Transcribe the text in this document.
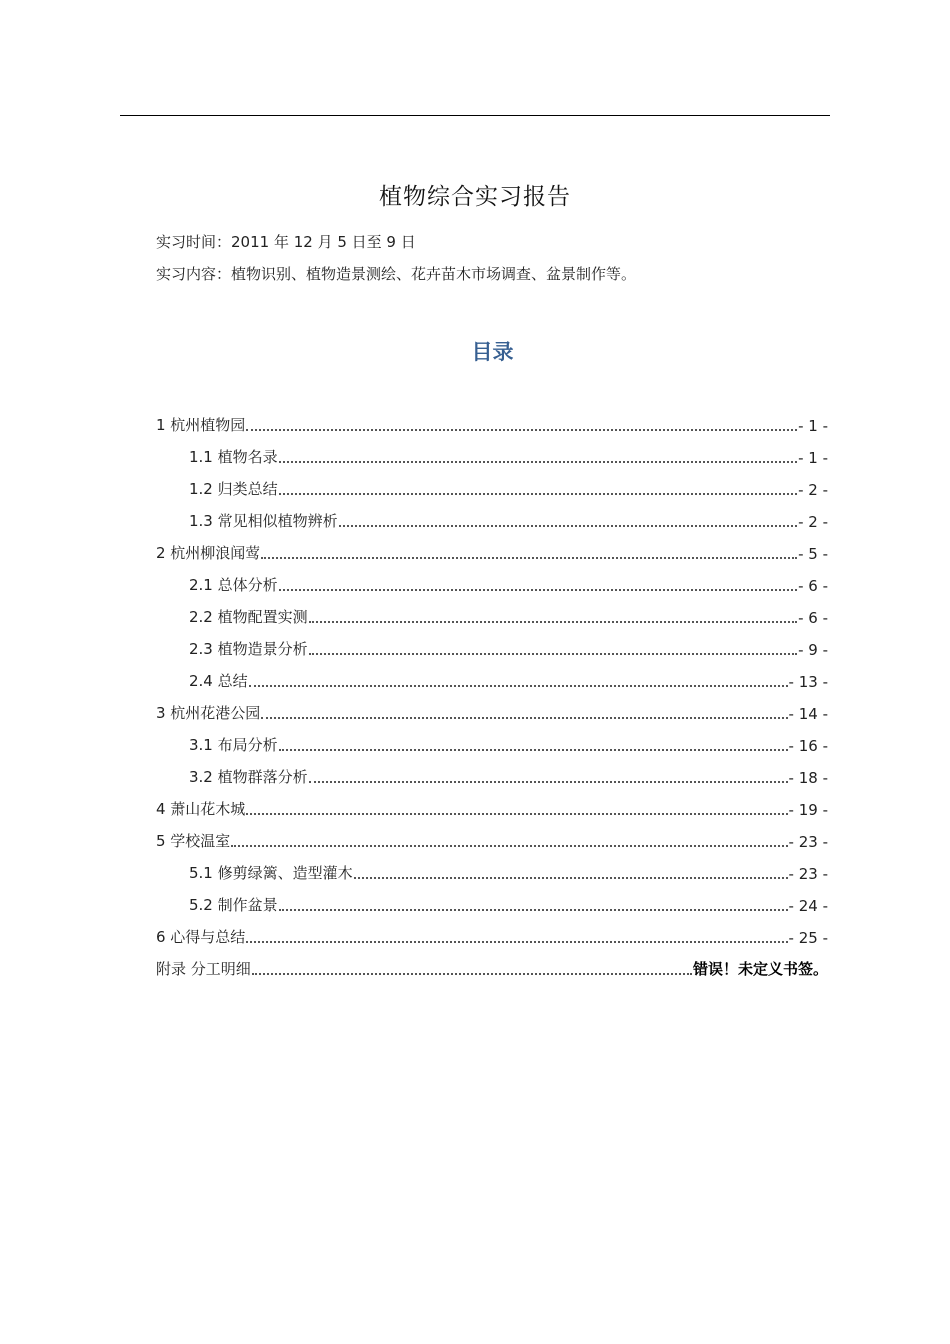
植物综合实习报告
实习时间：2011 年 12 月 5 日至 9 日
实习内容：植物识别、植物造景测绘、花卉苗木市场调查、盆景制作等。
目录
1 杭州植物园	- 1 -
1.1 植物名录	- 1 -
1.2 归类总结	- 2 -
1.3 常见相似植物辨析	- 2 -
2 杭州柳浪闻莺	- 5 -
2.1 总体分析	- 6 -
2.2 植物配置实测	- 6 -
2.3 植物造景分析	- 9 -
2.4 总结	- 13 -
3 杭州花港公园	- 14 -
3.1 布局分析	- 16 -
3.2 植物群落分析	- 18 -
4 萧山花木城	- 19 -
5 学校温室	- 23 -
5.1 修剪绿篱、造型灌木	- 23 -
5.2 制作盆景	- 24 -
6 心得与总结	- 25 -
附录 分工明细	错误！未定义书签。
